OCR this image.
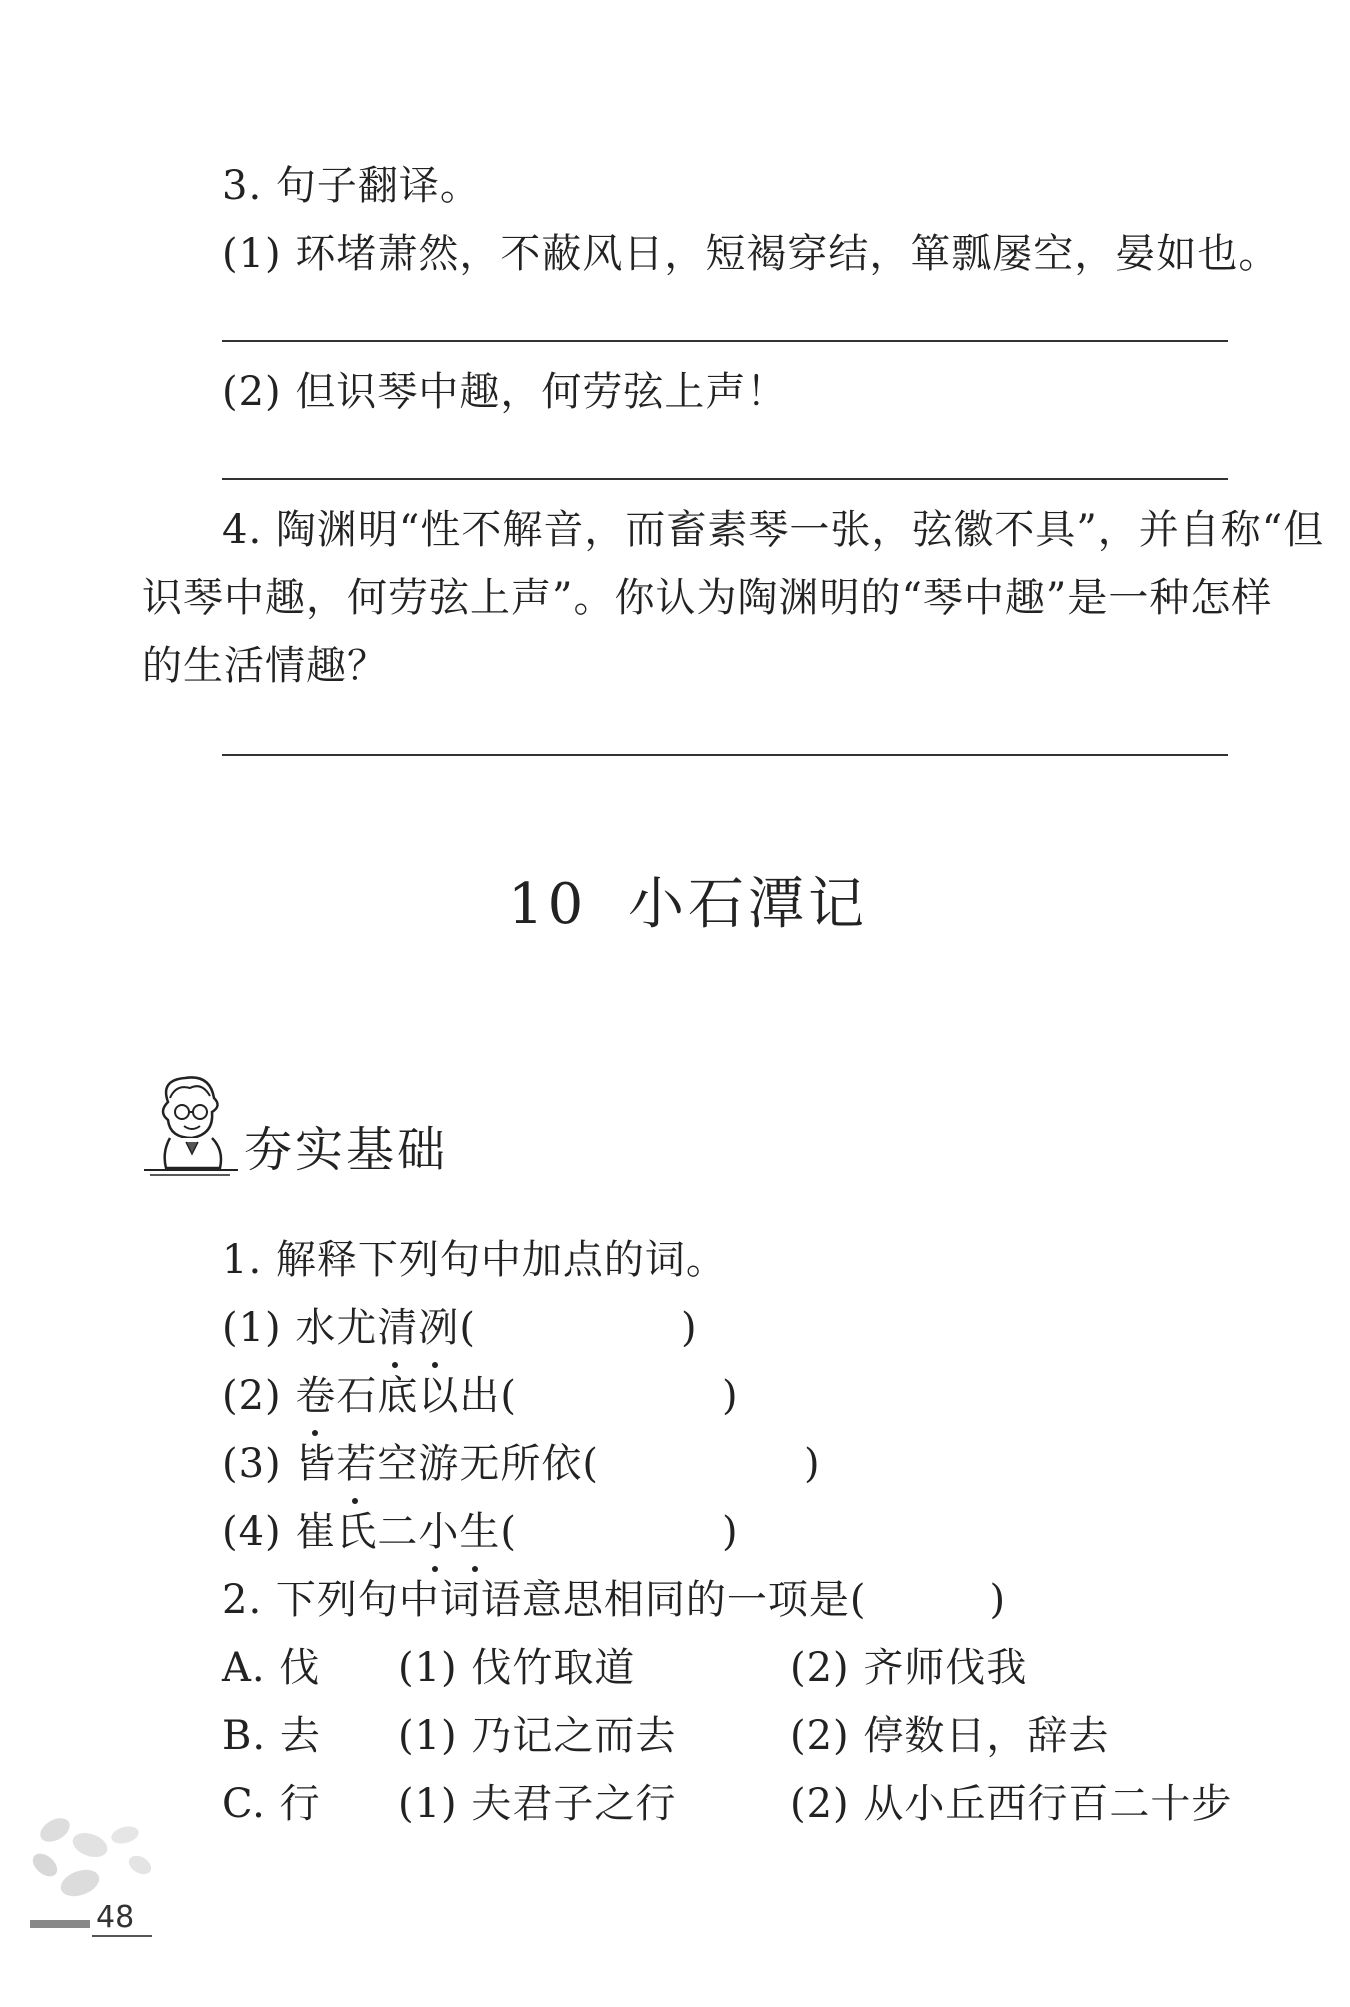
3. 句子翻译。
(1) 环堵萧然，不蔽风日，短褐穿结，箪瓢屡空，晏如也。
(2) 但识琴中趣，何劳弦上声！
4. 陶渊明“性不解音，而畜素琴一张，弦徽不具”，并自称“但
识琴中趣，何劳弦上声”。你认为陶渊明的“琴中趣”是一种怎样
的生活情趣？
10 小石潭记
夯实基础
1. 解释下列句中加点的词。
(1) 水尤清冽(　　　　　)
(2) 卷石底以出(　　　　　)
(3) 皆若空游无所依(　　　　　)
(4) 崔氏二小生(　　　　　)
2. 下列句中词语意思相同的一项是(　　　)
A. 伐 (1) 伐竹取道	(2) 齐师伐我
B. 去 (1) 乃记之而去	(2) 停数日，辞去
C. 行 (1) 夫君子之行	(2) 从小丘西行百二十步
48
